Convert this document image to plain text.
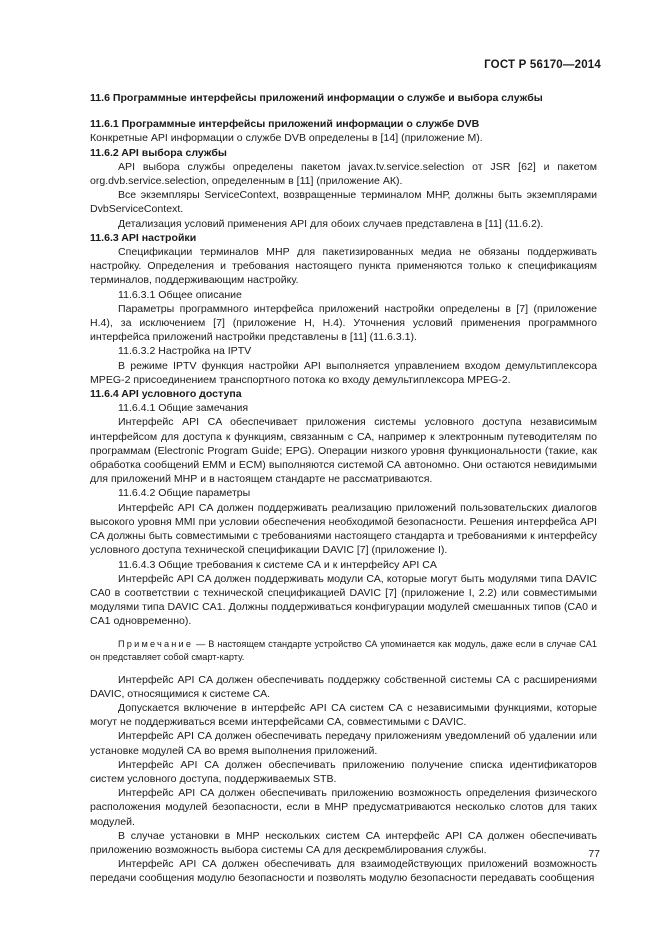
ГОСТ Р 56170—2014

11.6 Программные интерфейсы приложений информации о службе и выбора службы

11.6.1 Программные интерфейсы приложений информации о службе DVB

Конкретные API информации о службе DVB определены в [14] (приложение М).

11.6.2 API выбора службы

API выбора службы определены пакетом javax.tv.service.selection от JSR [62] и пакетом org.dvb.service.selection, определенным в [11] (приложение АК).

Все экземпляры ServiceContext, возвращенные терминалом МНР, должны быть экземплярами DvbServiceContext.

Детализация условий применения API для обоих случаев представлена в [11] (11.6.2).

11.6.3 API настройки

Спецификации терминалов МНР для пакетизированных медиа не обязаны поддерживать настройку. Определения и требования настоящего пункта применяются только к спецификациям терминалов, поддерживающим настройку.

11.6.3.1 Общее описание

Параметры программного интерфейса приложений настройки определены в [7] (приложение Н.4), за исключением [7] (приложение Н, Н.4). Уточнения условий применения программного интерфейса приложений настройки представлены в [11] (11.6.3.1).

11.6.3.2 Настройка на IPTV

В режиме IPTV функция настройки API выполняется управлением входом демультиплексора MPEG-2 присоединением транспортного потока ко входу демультиплексора MPEG-2.

11.6.4 API условного доступа

11.6.4.1 Общие замечания

Интерфейс API CA обеспечивает приложения системы условного доступа независимым интерфейсом для доступа к функциям, связанным с СА, например к электронным путеводителям по программам (Electronic Program Guide; EPG). Операции низкого уровня функциональности (такие, как обработка сообщений EMM и ECM) выполняются системой СА автономно. Они остаются невидимыми для приложений МНР и в настоящем стандарте не рассматриваются.

11.6.4.2 Общие параметры

Интерфейс API CA должен поддерживать реализацию приложений пользовательских диалогов высокого уровня MMI при условии обеспечения необходимой безопасности. Решения интерфейса API CA должны быть совместимыми с требованиями настоящего стандарта и требованиями к интерфейсу условного доступа технической спецификации DAVIC [7] (приложение I).

11.6.4.3 Общие требования к системе СА и к интерфейсу API CA

Интерфейс API CA должен поддерживать модули СА, которые могут быть модулями типа DAVIC CA0 в соответствии с технической спецификацией DAVIC [7] (приложение I, 2.2) или совместимыми модулями типа DAVIC CA1. Должны поддерживаться конфигурации модулей смешанных типов (CA0 и CA1 одновременно).

Примечание — В настоящем стандарте устройство СА упоминается как модуль, даже если в случае CA1 он представляет собой смарт-карту.

Интерфейс API CA должен обеспечивать поддержку собственной системы СА с расширениями DAVIC, относящимися к системе СА.

Допускается включение в интерфейс API CA систем СА с независимыми функциями, которые могут не поддерживаться всеми интерфейсами СА, совместимыми с DAVIC.

Интерфейс API CA должен обеспечивать передачу приложениям уведомлений об удалении или установке модулей СА во время выполнения приложений.

Интерфейс API CA должен обеспечивать приложению получение списка идентификаторов систем условного доступа, поддерживаемых STB.

Интерфейс API CA должен обеспечивать приложению возможность определения физического расположения модулей безопасности, если в МНР предусматриваются несколько слотов для таких модулей.

В случае установки в МНР нескольких систем СА интерфейс API CA должен обеспечивать приложению возможность выбора системы СА для дескремблирования службы.

Интерфейс API CA должен обеспечивать для взаимодействующих приложений возможность передачи сообщения модулю безопасности и позволять модулю безопасности передавать сообщения

77
